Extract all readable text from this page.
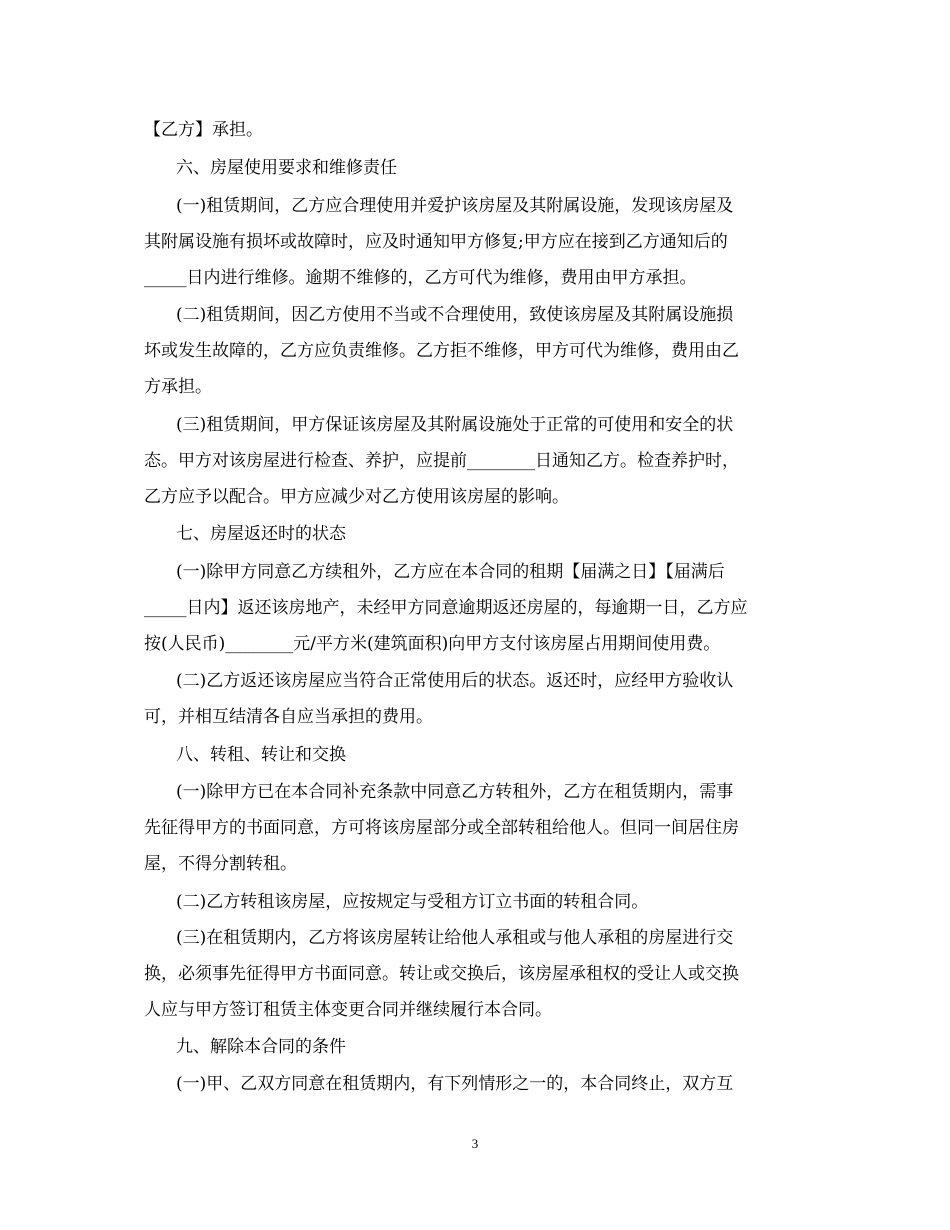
【乙方】承担。
六、房屋使用要求和维修责任
(一)租赁期间，乙方应合理使用并爱护该房屋及其附属设施，发现该房屋及
其附属设施有损坏或故障时，应及时通知甲方修复;甲方应在接到乙方通知后的
_____日内进行维修。逾期不维修的，乙方可代为维修，费用由甲方承担。
(二)租赁期间，因乙方使用不当或不合理使用，致使该房屋及其附属设施损
坏或发生故障的，乙方应负责维修。乙方拒不维修，甲方可代为维修，费用由乙
方承担。
(三)租赁期间，甲方保证该房屋及其附属设施处于正常的可使用和安全的状
态。甲方对该房屋进行检查、养护，应提前________日通知乙方。检查养护时，
乙方应予以配合。甲方应减少对乙方使用该房屋的影响。
七、房屋返还时的状态
(一)除甲方同意乙方续租外，乙方应在本合同的租期【届满之日】【届满后
_____日内】返还该房地产，未经甲方同意逾期返还房屋的，每逾期一日，乙方应
按(人民币)________元/平方米(建筑面积)向甲方支付该房屋占用期间使用费。
(二)乙方返还该房屋应当符合正常使用后的状态。返还时，应经甲方验收认
可，并相互结清各自应当承担的费用。
八、转租、转让和交换
(一)除甲方已在本合同补充条款中同意乙方转租外，乙方在租赁期内，需事
先征得甲方的书面同意，方可将该房屋部分或全部转租给他人。但同一间居住房
屋，不得分割转租。
(二)乙方转租该房屋，应按规定与受租方订立书面的转租合同。
(三)在租赁期内，乙方将该房屋转让给他人承租或与他人承租的房屋进行交
换，必须事先征得甲方书面同意。转让或交换后，该房屋承租权的受让人或交换
人应与甲方签订租赁主体变更合同并继续履行本合同。
九、解除本合同的条件
(一)甲、乙双方同意在租赁期内，有下列情形之一的，本合同终止，双方互
3
